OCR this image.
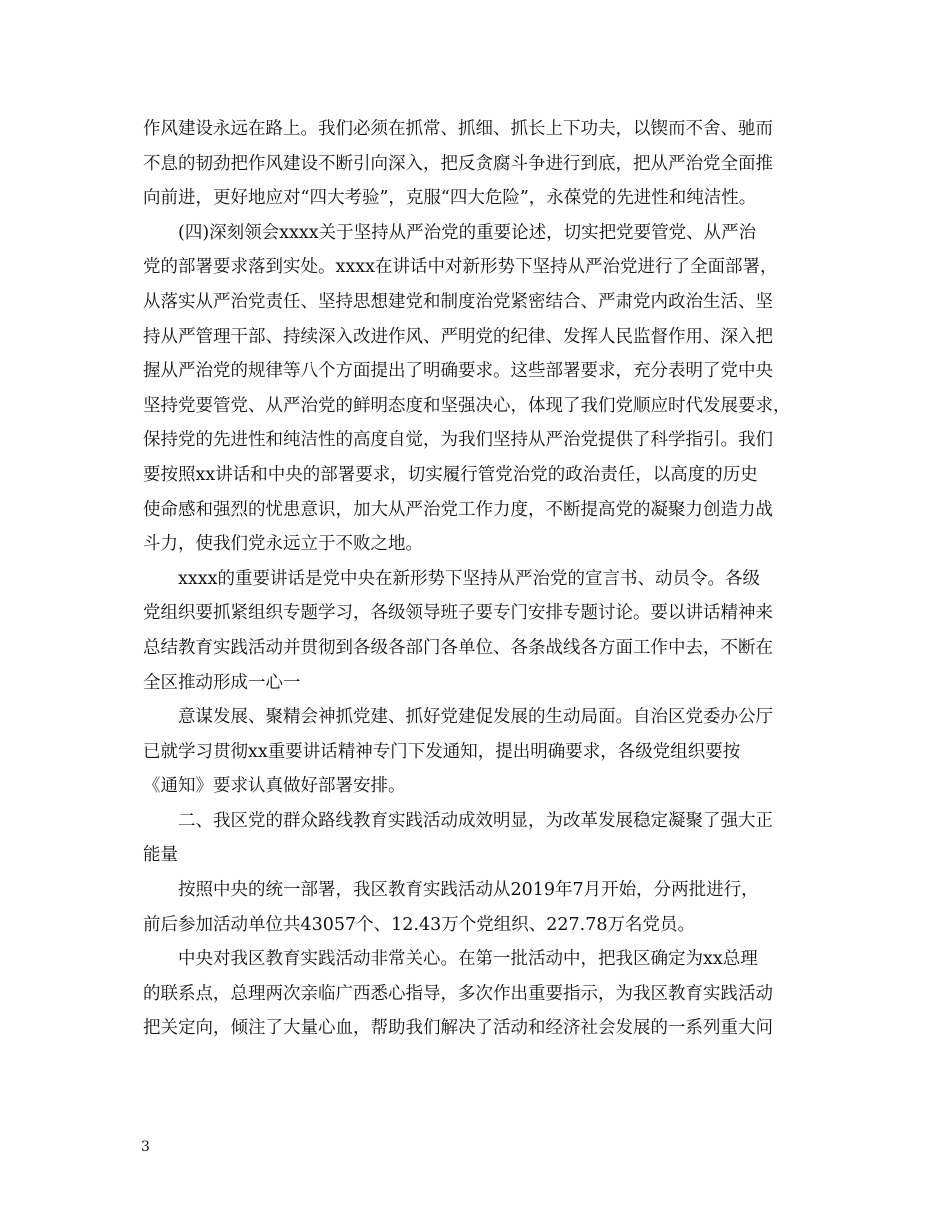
作风建设永远在路上。我们必须在抓常、抓细、抓长上下功夫，以锲而不舍、驰而
不息的韧劲把作风建设不断引向深入，把反贪腐斗争进行到底，把从严治党全面推
向前进，更好地应对“四大考验”，克服“四大危险”，永葆党的先进性和纯洁性。
(四)深刻领会xxxx关于坚持从严治党的重要论述，切实把党要管党、从严治
党的部署要求落到实处。xxxx在讲话中对新形势下坚持从严治党进行了全面部署，
从落实从严治党责任、坚持思想建党和制度治党紧密结合、严肃党内政治生活、坚
持从严管理干部、持续深入改进作风、严明党的纪律、发挥人民监督作用、深入把
握从严治党的规律等八个方面提出了明确要求。这些部署要求，充分表明了党中央
坚持党要管党、从严治党的鲜明态度和坚强决心，体现了我们党顺应时代发展要求，
保持党的先进性和纯洁性的高度自觉，为我们坚持从严治党提供了科学指引。我们
要按照xx讲话和中央的部署要求，切实履行管党治党的政治责任，以高度的历史
使命感和强烈的忧患意识，加大从严治党工作力度，不断提高党的凝聚力创造力战
斗力，使我们党永远立于不败之地。
xxxx的重要讲话是党中央在新形势下坚持从严治党的宣言书、动员令。各级
党组织要抓紧组织专题学习，各级领导班子要专门安排专题讨论。要以讲话精神来
总结教育实践活动并贯彻到各级各部门各单位、各条战线各方面工作中去，不断在
全区推动形成一心一
意谋发展、聚精会神抓党建、抓好党建促发展的生动局面。自治区党委办公厅
已就学习贯彻xx重要讲话精神专门下发通知，提出明确要求，各级党组织要按
《通知》要求认真做好部署安排。
二、我区党的群众路线教育实践活动成效明显，为改革发展稳定凝聚了强大正
能量
按照中央的统一部署，我区教育实践活动从2019年7月开始，分两批进行，
前后参加活动单位共43057个、12.43万个党组织、227.78万名党员。
中央对我区教育实践活动非常关心。在第一批活动中，把我区确定为xx总理
的联系点，总理两次亲临广西悉心指导，多次作出重要指示，为我区教育实践活动
把关定向，倾注了大量心血，帮助我们解决了活动和经济社会发展的一系列重大问
3
